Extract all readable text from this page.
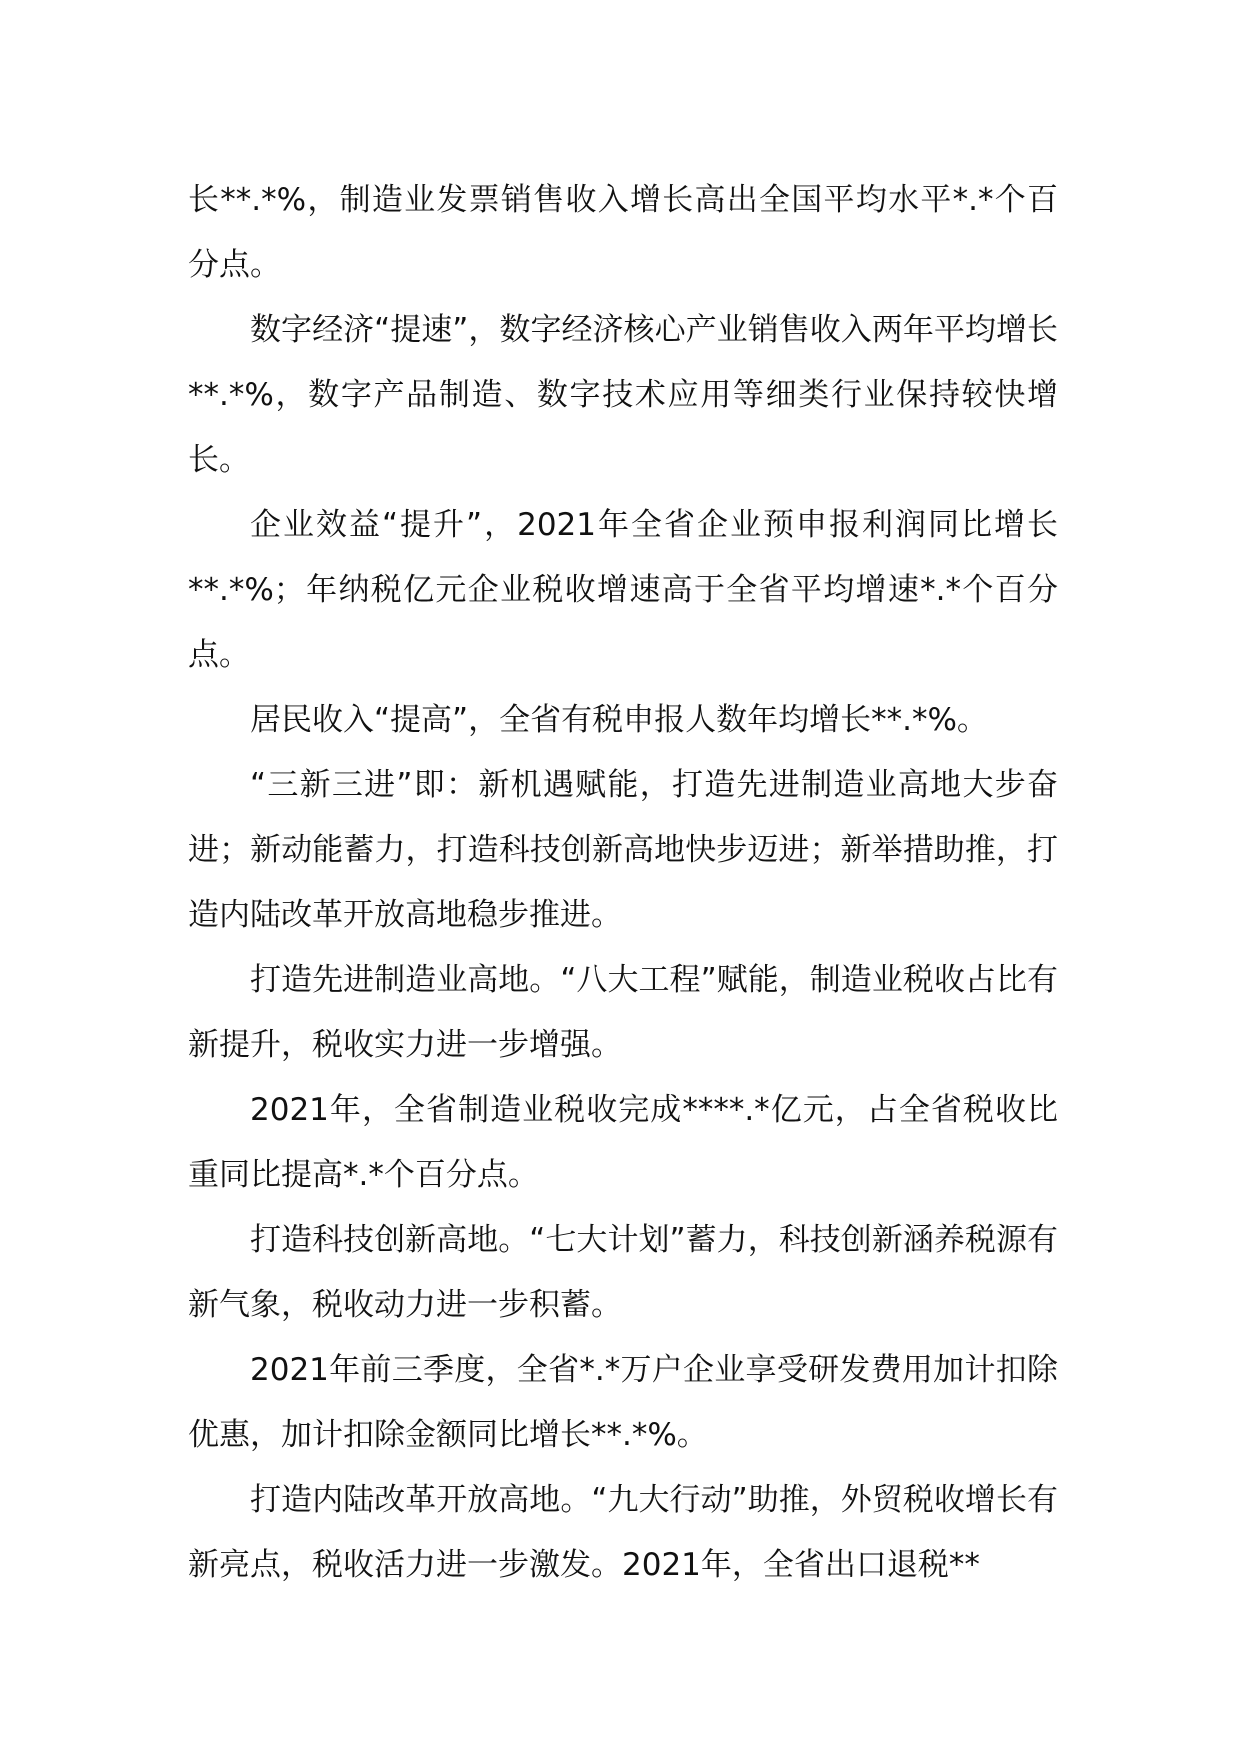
长**.*%，制造业发票销售收入增长高出全国平均水平*.*个百分点。

数字经济“提速”，数字经济核心产业销售收入两年平均增长**.*%，数字产品制造、数字技术应用等细类行业保持较快增长。

企业效益“提升”，2021年全省企业预申报利润同比增长**.*%；年纳税亿元企业税收增速高于全省平均增速*.*个百分点。

居民收入“提高”，全省有税申报人数年均增长**.*%。

“三新三进”即：新机遇赋能，打造先进制造业高地大步奋进；新动能蓄力，打造科技创新高地快步迈进；新举措助推，打造内陆改革开放高地稳步推进。

打造先进制造业高地。“八大工程”赋能，制造业税收占比有新提升，税收实力进一步增强。

2021年，全省制造业税收完成****.*亿元，占全省税收比重同比提高*.*个百分点。

打造科技创新高地。“七大计划”蓄力，科技创新涵养税源有新气象，税收动力进一步积蓄。

2021年前三季度，全省*.*万户企业享受研发费用加计扣除优惠，加计扣除金额同比增长**.*%。

打造内陆改革开放高地。“九大行动”助推，外贸税收增长有新亮点，税收活力进一步激发。2021年，全省出口退税**
